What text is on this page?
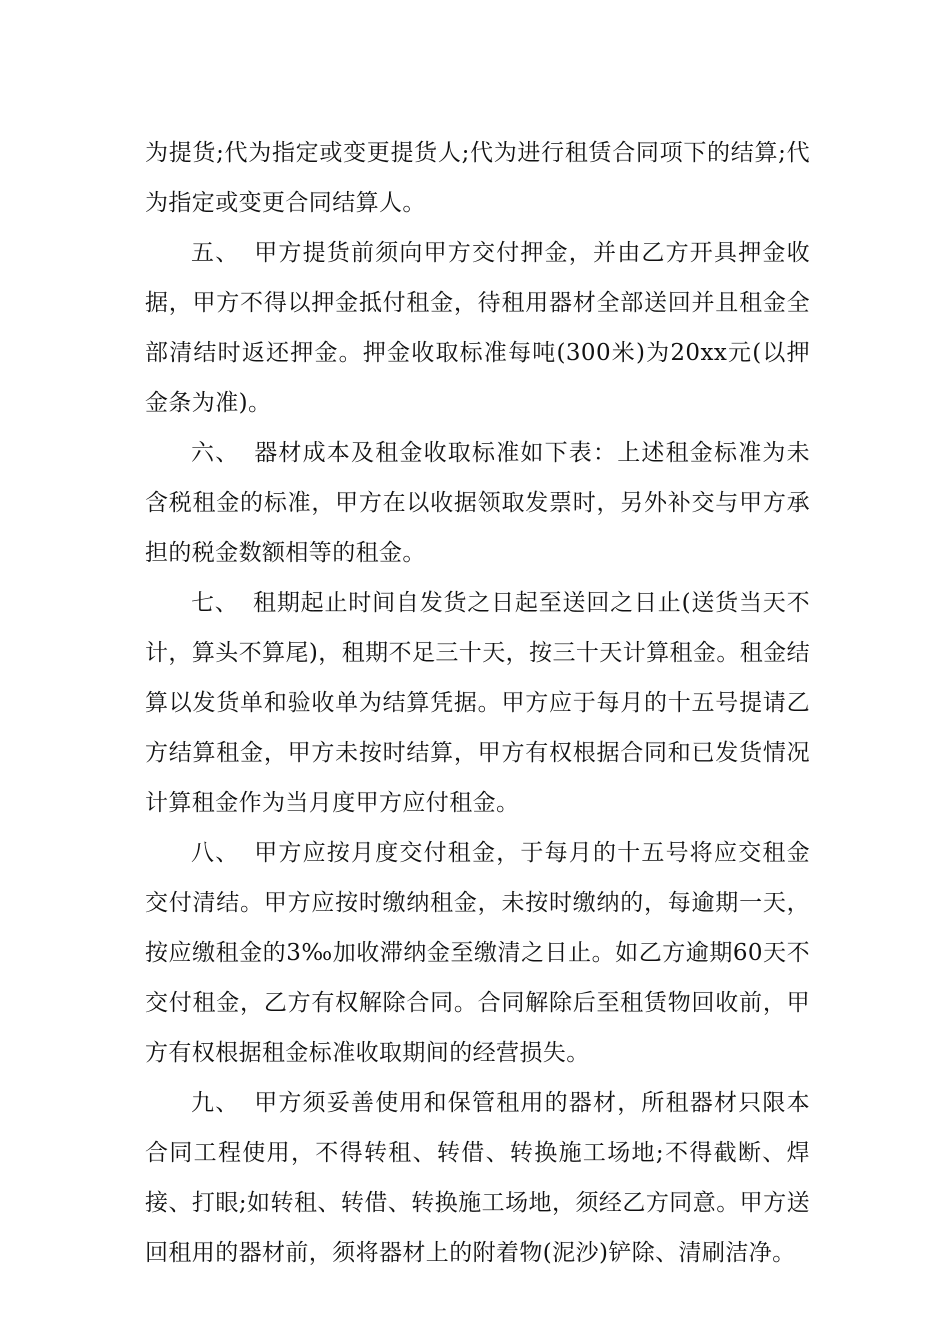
为提货;代为指定或变更提货人;代为进行租赁合同项下的结算;代为指定或变更合同结算人。

五、 甲方提货前须向甲方交付押金，并由乙方开具押金收据，甲方不得以押金抵付租金，待租用器材全部送回并且租金全部清结时返还押金。押金收取标准每吨(300米)为20xx元(以押金条为准)。

六、 器材成本及租金收取标准如下表：上述租金标准为未含税租金的标准，甲方在以收据领取发票时，另外补交与甲方承担的税金数额相等的租金。

七、 租期起止时间自发货之日起至送回之日止(送货当天不计，算头不算尾)，租期不足三十天，按三十天计算租金。租金结算以发货单和验收单为结算凭据。甲方应于每月的十五号提请乙方结算租金，甲方未按时结算，甲方有权根据合同和已发货情况计算租金作为当月度甲方应付租金。

八、 甲方应按月度交付租金，于每月的十五号将应交租金交付清结。甲方应按时缴纳租金，未按时缴纳的，每逾期一天，按应缴租金的3‰加收滞纳金至缴清之日止。如乙方逾期60天不交付租金，乙方有权解除合同。合同解除后至租赁物回收前，甲方有权根据租金标准收取期间的经营损失。

九、 甲方须妥善使用和保管租用的器材，所租器材只限本合同工程使用，不得转租、转借、转换施工场地;不得截断、焊接、打眼;如转租、转借、转换施工场地，须经乙方同意。甲方送回租用的器材前，须将器材上的附着物(泥沙)铲除、清刷洁净。
